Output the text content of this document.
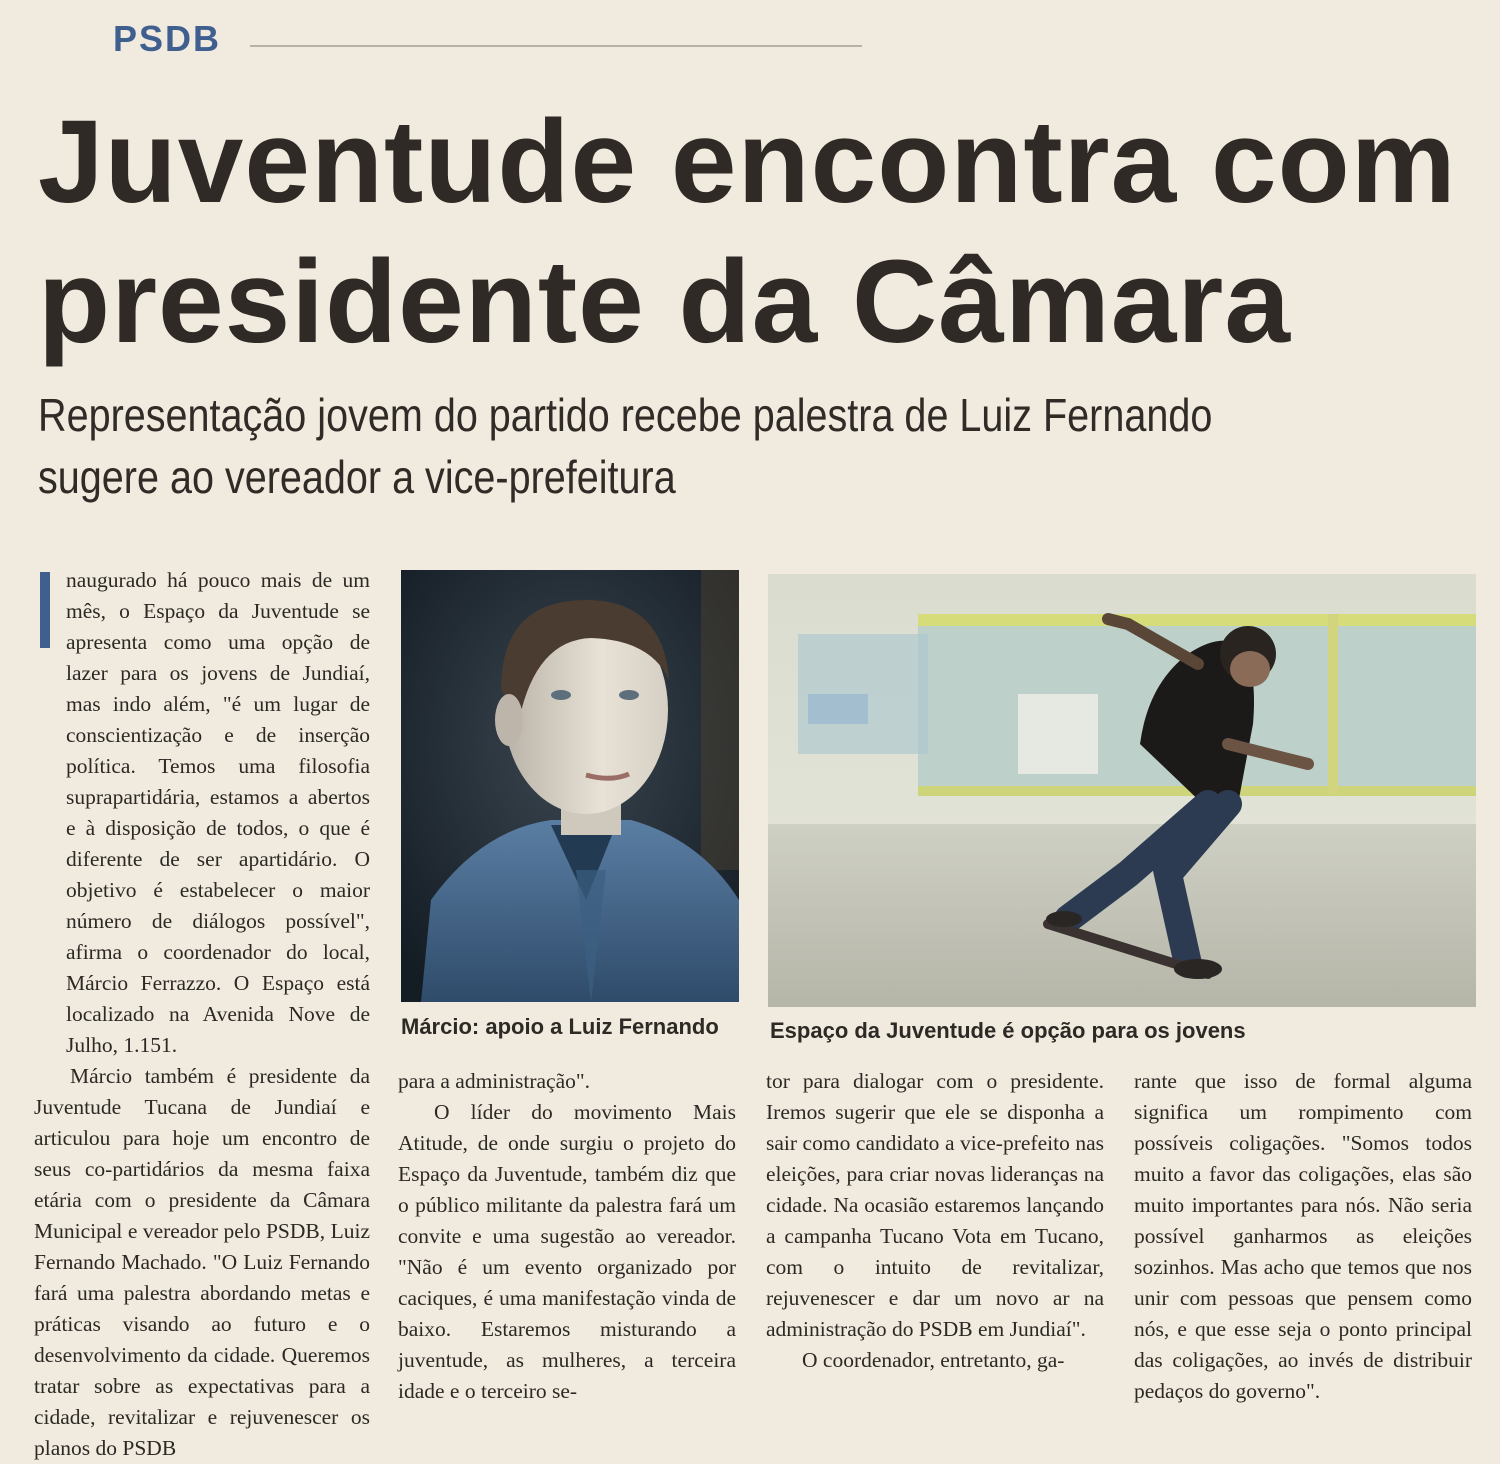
PSDB
Juventude encontra com
presidente da Câmara
Representação jovem do partido recebe palestra de Luiz Fernando
sugere ao vereador a vice-prefeitura

naugurado há pouco mais de um mês, o Espaço da Juventude se apresenta como uma opção de lazer para os jovens de Jundiaí, mas indo além, "é um lugar de conscientização e de inserção política. Temos uma filosofia suprapartidária, estamos a abertos e à disposição de todos, o que é diferente de ser apartidário. O objetivo é estabelecer o maior número de diálogos possível", afirma o coordenador do local, Márcio Ferrazzo. O Espaço está localizado na Avenida Nove de Julho, 1.151.

Márcio também é presidente da Juventude Tucana de Jundiaí e articulou para hoje um encontro de seus co-partidários da mesma faixa etária com o presidente da Câmara Municipal e vereador pelo PSDB, Luiz Fernando Machado. "O Luiz Fernando fará uma palestra abordando metas e práticas visando ao futuro e o desenvolvimento da cidade. Queremos tratar sobre as expectativas para a cidade, revitalizar e rejuvenescer os planos do PSDB

Márcio: apoio a Luiz Fernando Espaço da Juventude é opção para os jovens

para a administração".

O líder do movimento Mais Atitude, de onde surgiu o projeto do Espaço da Juventude, também diz que o público militante da palestra fará um convite e uma sugestão ao vereador. "Não é um evento organizado por caciques, é uma manifestação vinda de baixo. Estaremos misturando a juventude, as mulheres, a terceira idade e o terceiro se-

tor para dialogar com o presidente. Iremos sugerir que ele se disponha a sair como candidato a vice-prefeito nas eleições, para criar novas lideranças na cidade. Na ocasião estaremos lançando a campanha Tucano Vota em Tucano, com o intuito de revitalizar, rejuvenescer e dar um novo ar na administração do PSDB em Jundiaí".

O coordenador, entretanto, ga-

rante que isso de formal alguma significa um rompimento com possíveis coligações. "Somos todos muito a favor das coligações, elas são muito importantes para nós. Não seria possível ganharmos as eleições sozinhos. Mas acho que temos que nos unir com pessoas que pensem como nós, e que esse seja o ponto principal das coligações, ao invés de distribuir pedaços do governo".
